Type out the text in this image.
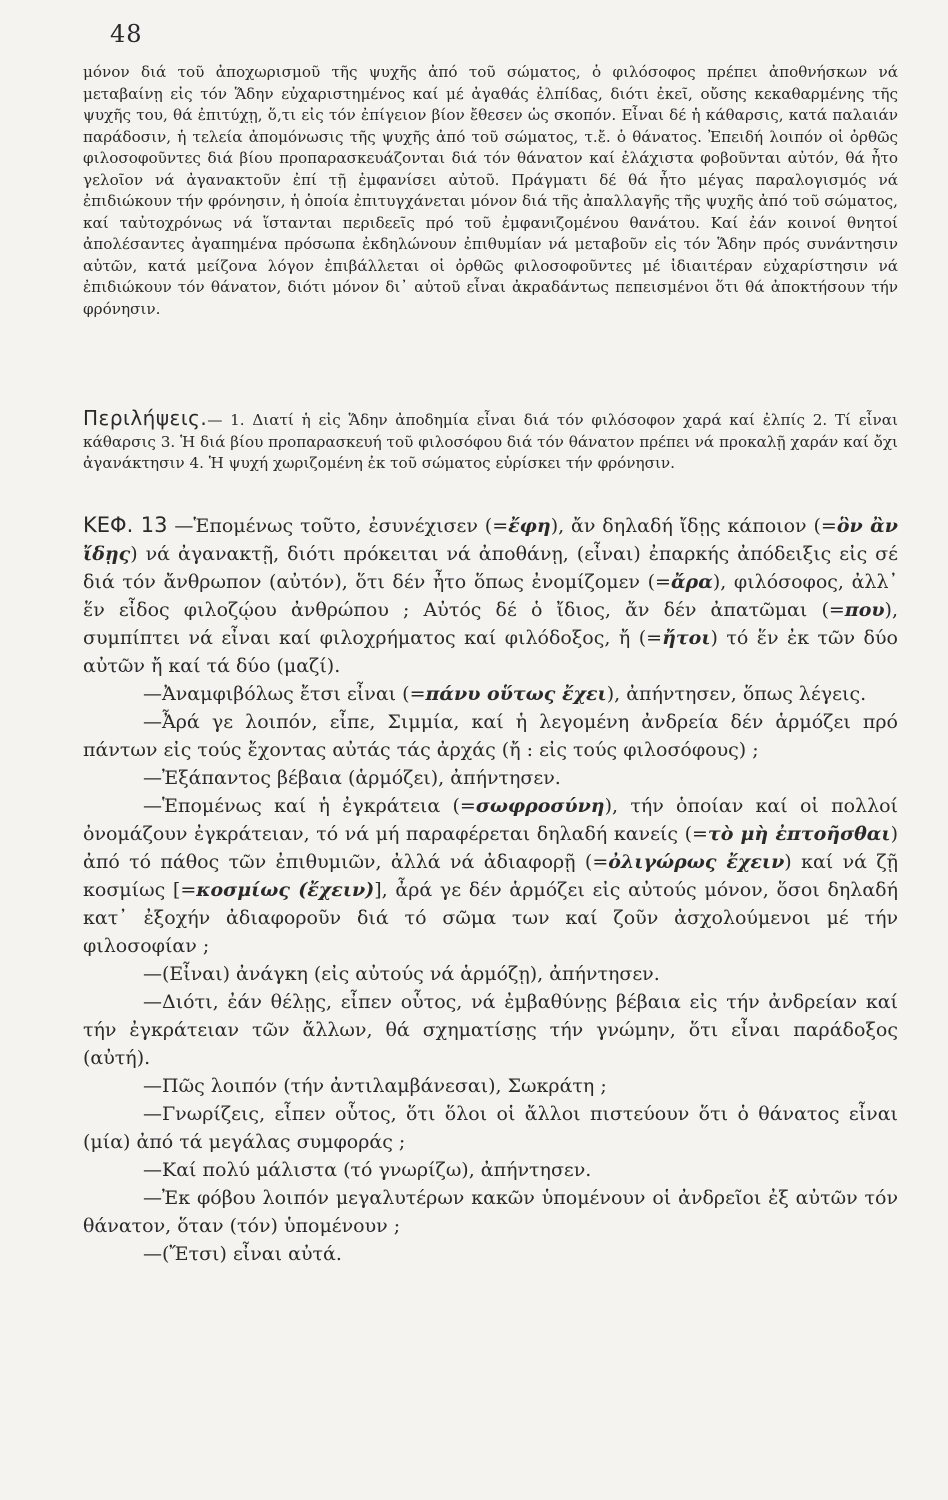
48

μόνον διά τοῦ ἀποχωρισμοῦ τῆς ψυχῆς ἀπό τοῦ σώματος, ὁ φιλόσοφος πρέπει ἀποθνήσκων νά μεταβαίνῃ εἰς τόν Ἅδην εὐχαριστημένος καί μέ ἀγαθάς ἐλπίδας, διότι ἐκεῖ, οὔσης κεκαθαρμένης τῆς ψυχῆς του, θά ἐπιτύχῃ, ὅ,τι εἰς τόν ἐπίγειον βίον ἔθεσεν ὡς σκοπόν. Εἶναι δέ ἡ κάθαρσις, κατά παλαιάν παράδοσιν, ἡ τελεία ἀπομόνωσις τῆς ψυχῆς ἀπό τοῦ σώματος, τ.ἔ. ὁ θάνατος. Ἐπειδή λοιπόν οἱ ὀρθῶς φιλοσοφοῦντες διά βίου προπαρασκευάζονται διά τόν θάνατον καί ἐλάχιστα φοβοῦνται αὐτόν, θά ἦτο γελοῖον νά ἀγανακτοῦν ἐπί τῇ ἐμφανίσει αὐτοῦ. Πράγματι δέ θά ἦτο μέγας παραλογισμός νά ἐπιδιώκουν τήν φρόνησιν, ἡ ὁποία ἐπιτυγχάνεται μόνον διά τῆς ἀπαλλαγῆς τῆς ψυχῆς ἀπό τοῦ σώματος, καί ταὐτοχρόνως νά ἵστανται περιδεεῖς πρό τοῦ ἐμφανιζομένου θανάτου. Καί ἐάν κοινοί θνητοί ἀπολέσαντες ἀγαπημένα πρόσωπα ἐκδηλώνουν ἐπιθυμίαν νά μεταβοῦν εἰς τόν Ἅδην πρός συνάντησιν αὐτῶν, κατά μείζονα λόγον ἐπιβάλλεται οἱ ὀρθῶς φιλοσοφοῦντες μέ ἰδιαιτέραν εὐχαρίστησιν νά ἐπιδιώκουν τόν θάνατον, διότι μόνον δι᾿ αὐτοῦ εἶναι ἀκραδάντως πεπεισμένοι ὅτι θά ἀποκτήσουν τήν φρόνησιν.

Περιλήψεις.— 1. Διατί ἡ εἰς Ἅδην ἀποδημία εἶναι διά τόν φιλόσοφον χαρά καί ἐλπίς 2. Τί εἶναι κάθαρσις 3. Ἡ διά βίου προπαρασκευή τοῦ φιλοσόφου διά τόν θάνατον πρέπει νά προκαλῇ χαράν καί ὄχι ἀγανάκτησιν 4. Ἡ ψυχή χωριζομένη ἐκ τοῦ σώματος εὑρίσκει τήν φρόνησιν.

ΚΕΦ. 13 —Ἑπομένως τοῦτο, ἐσυνέχισεν (=ἔφη), ἄν δηλαδή ἴδῃς κάποιον (=ὃν ἂν ἴδῃς) νά ἀγανακτῇ, διότι πρόκειται νά ἀποθάνῃ, (εἶναι) ἐπαρκής ἀπόδειξις εἰς σέ διά τόν ἄνθρωπον (αὐτόν), ὅτι δέν ἦτο ὅπως ἐνομίζομεν (=ἄρα), φιλόσοφος, ἀλλ᾿ ἕν εἶδος φιλοζῴου ἀνθρώπου ; Αὐτός δέ ὁ ἴδιος, ἄν δέν ἀπατῶμαι (=που), συμπίπτει νά εἶναι καί φιλοχρήματος καί φιλόδοξος, ἤ (=ἤτοι) τό ἕν ἐκ τῶν δύο αὐτῶν ἤ καί τά δύο (μαζί).

—Ἀναμφιβόλως ἔτσι εἶναι (=πάνυ οὕτως ἔχει), ἀπήντησεν, ὅπως λέγεις.

—Ἆρά γε λοιπόν, εἶπε, Σιμμία, καί ἡ λεγομένη ἀνδρεία δέν ἁρμόζει πρό πάντων εἰς τούς ἔχοντας αὐτάς τάς ἀρχάς (ἤ : εἰς τούς φιλοσόφους) ;

—Ἐξάπαντος βέβαια (ἁρμόζει), ἀπήντησεν.

—Ἑπομένως καί ἡ ἐγκράτεια (=σωφροσύνη), τήν ὁποίαν καί οἱ πολλοί ὀνομάζουν ἐγκράτειαν, τό νά μή παραφέρεται δηλαδή κανείς (=τὸ μὴ ἐπτοῆσθαι) ἀπό τό πάθος τῶν ἐπιθυμιῶν, ἀλλά νά ἀδιαφορῇ (=ὀλιγώρως ἔχειν) καί νά ζῇ κοσμίως [=κοσμίως (ἔχειν)], ἆρά γε δέν ἁρμόζει εἰς αὐτούς μόνον, ὅσοι δηλαδή κατ᾿ ἐξοχήν ἀδιαφοροῦν διά τό σῶμα των καί ζοῦν ἀσχολούμενοι μέ τήν φιλοσοφίαν ;

—(Εἶναι) ἀνάγκη (εἰς αὐτούς νά ἁρμόζῃ), ἀπήντησεν.

—Διότι, ἐάν θέλῃς, εἶπεν οὗτος, νά ἐμβαθύνῃς βέβαια εἰς τήν ἀνδρείαν καί τήν ἐγκράτειαν τῶν ἄλλων, θά σχηματίσῃς τήν γνώμην, ὅτι εἶναι παράδοξος (αὐτή).

—Πῶς λοιπόν (τήν ἀντιλαμβάνεσαι), Σωκράτη ;

—Γνωρίζεις, εἶπεν οὗτος, ὅτι ὅλοι οἱ ἄλλοι πιστεύουν ὅτι ὁ θάνατος εἶναι (μία) ἀπό τά μεγάλας συμφοράς ;

—Καί πολύ μάλιστα (τό γνωρίζω), ἀπήντησεν.

—Ἐκ φόβου λοιπόν μεγαλυτέρων κακῶν ὑπομένουν οἱ ἀνδρεῖοι ἐξ αὐτῶν τόν θάνατον, ὅταν (τόν) ὑπομένουν ;

—(Ἔτσι) εἶναι αὐτά.
